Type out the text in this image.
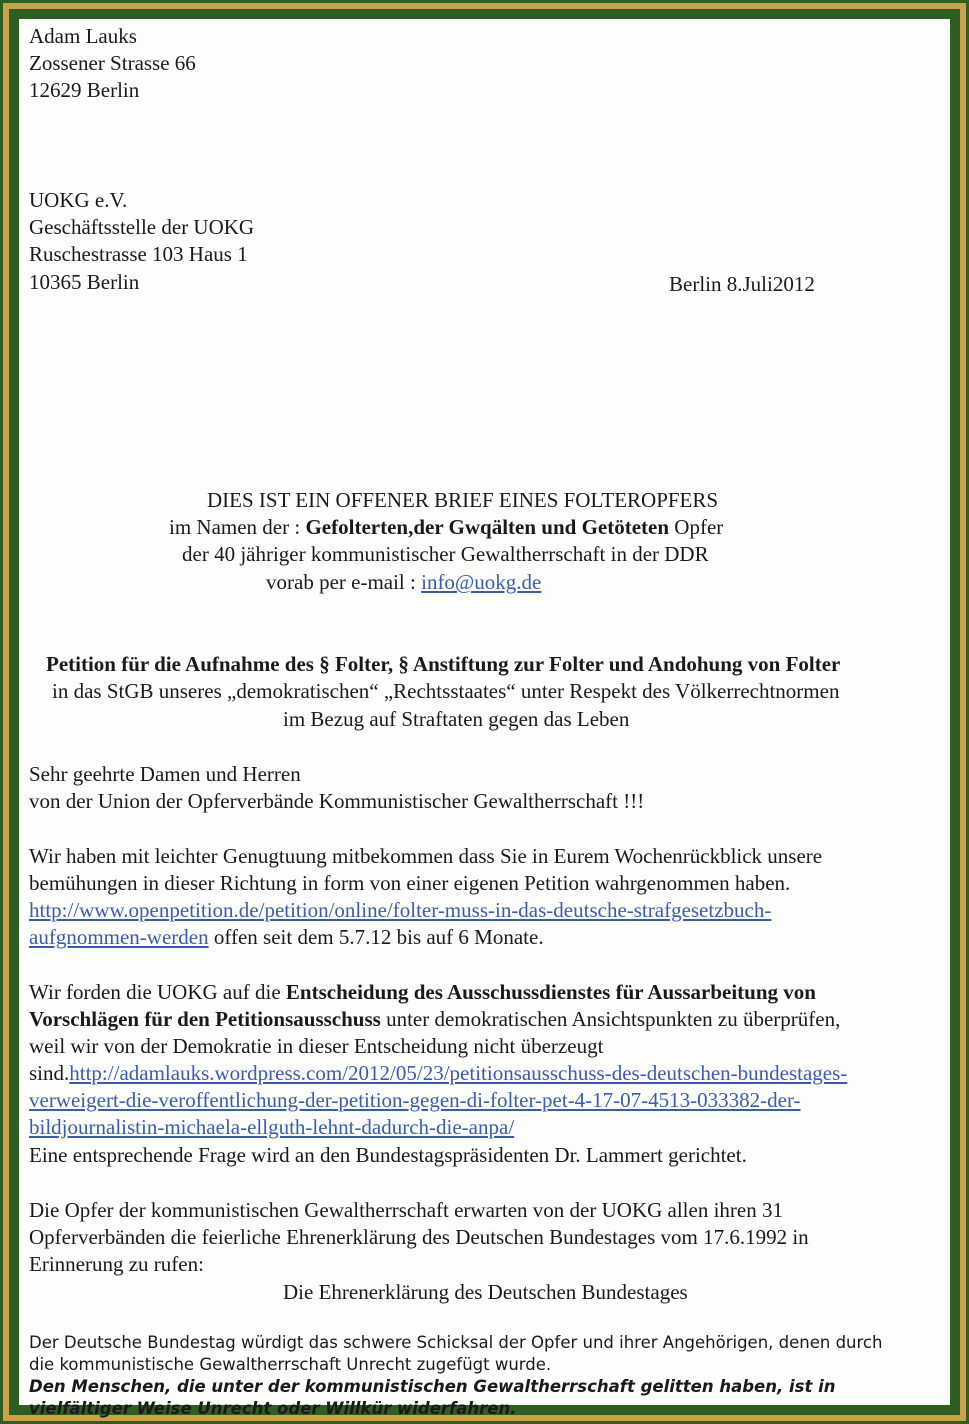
Adam Lauks
Zossener Strasse 66
12629 Berlin
UOKG e.V.
Geschäftsstelle der UOKG
Ruschestrasse 103 Haus 1
10365 Berlin	Berlin 8.Juli2012
DIES IST EIN OFFENER BRIEF EINES FOLTEROPFERS
im Namen der : Gefolterten,der Gwqälten und Getöteten Opfer
der 40 jähriger kommunistischer Gewaltherrschaft in der DDR
vorab per e-mail : info@uokg.de
Petition für die Aufnahme des § Folter, § Anstiftung zur Folter und Andohung von Folter
in das StGB unseres „demokratischen“ „Rechtsstaates“ unter Respekt des Völkerrechtnormen
im Bezug auf Straftaten gegen das Leben
Sehr geehrte Damen und Herren
von der Union der Opferverbände Kommunistischer Gewaltherrschaft !!!
Wir haben mit leichter Genugtuung mitbekommen dass Sie in Eurem Wochenrückblick unsere
bemühungen in dieser Richtung in form von einer eigenen Petition wahrgenommen haben.
http://www.openpetition.de/petition/online/folter-muss-in-das-deutsche-strafgesetzbuch-
aufgnommen-werden offen seit dem 5.7.12 bis auf 6 Monate.
Wir forden die UOKG auf die Entscheidung des Ausschussdienstes für Aussarbeitung von
Vorschlägen für den Petitionsausschuss unter demokratischen Ansichtspunkten zu überprüfen,
weil wir von der Demokratie in dieser Entscheidung nicht überzeugt
sind.http://adamlauks.wordpress.com/2012/05/23/petitionsausschuss-des-deutschen-bundestages-
verweigert-die-veroffentlichung-der-petition-gegen-di-folter-pet-4-17-07-4513-033382-der-
bildjournalistin-michaela-ellguth-lehnt-dadurch-die-anpa/
Eine entsprechende Frage wird an den Bundestagspräsidenten Dr. Lammert gerichtet.
Die Opfer der kommunistischen Gewaltherrschaft erwarten von der UOKG allen ihren 31
Opferverbänden die feierliche Ehrenerklärung des Deutschen Bundestages vom 17.6.1992 in
Erinnerung zu rufen:
Die Ehrenerklärung des Deutschen Bundestages
Der Deutsche Bundestag würdigt das schwere Schicksal der Opfer und ihrer Angehörigen, denen durch
die kommunistische Gewaltherrschaft Unrecht zugefügt wurde.
Den Menschen, die unter der kommunistischen Gewaltherrschaft gelitten haben, ist in
vielfältiger Weise Unrecht oder Willkür widerfahren.
